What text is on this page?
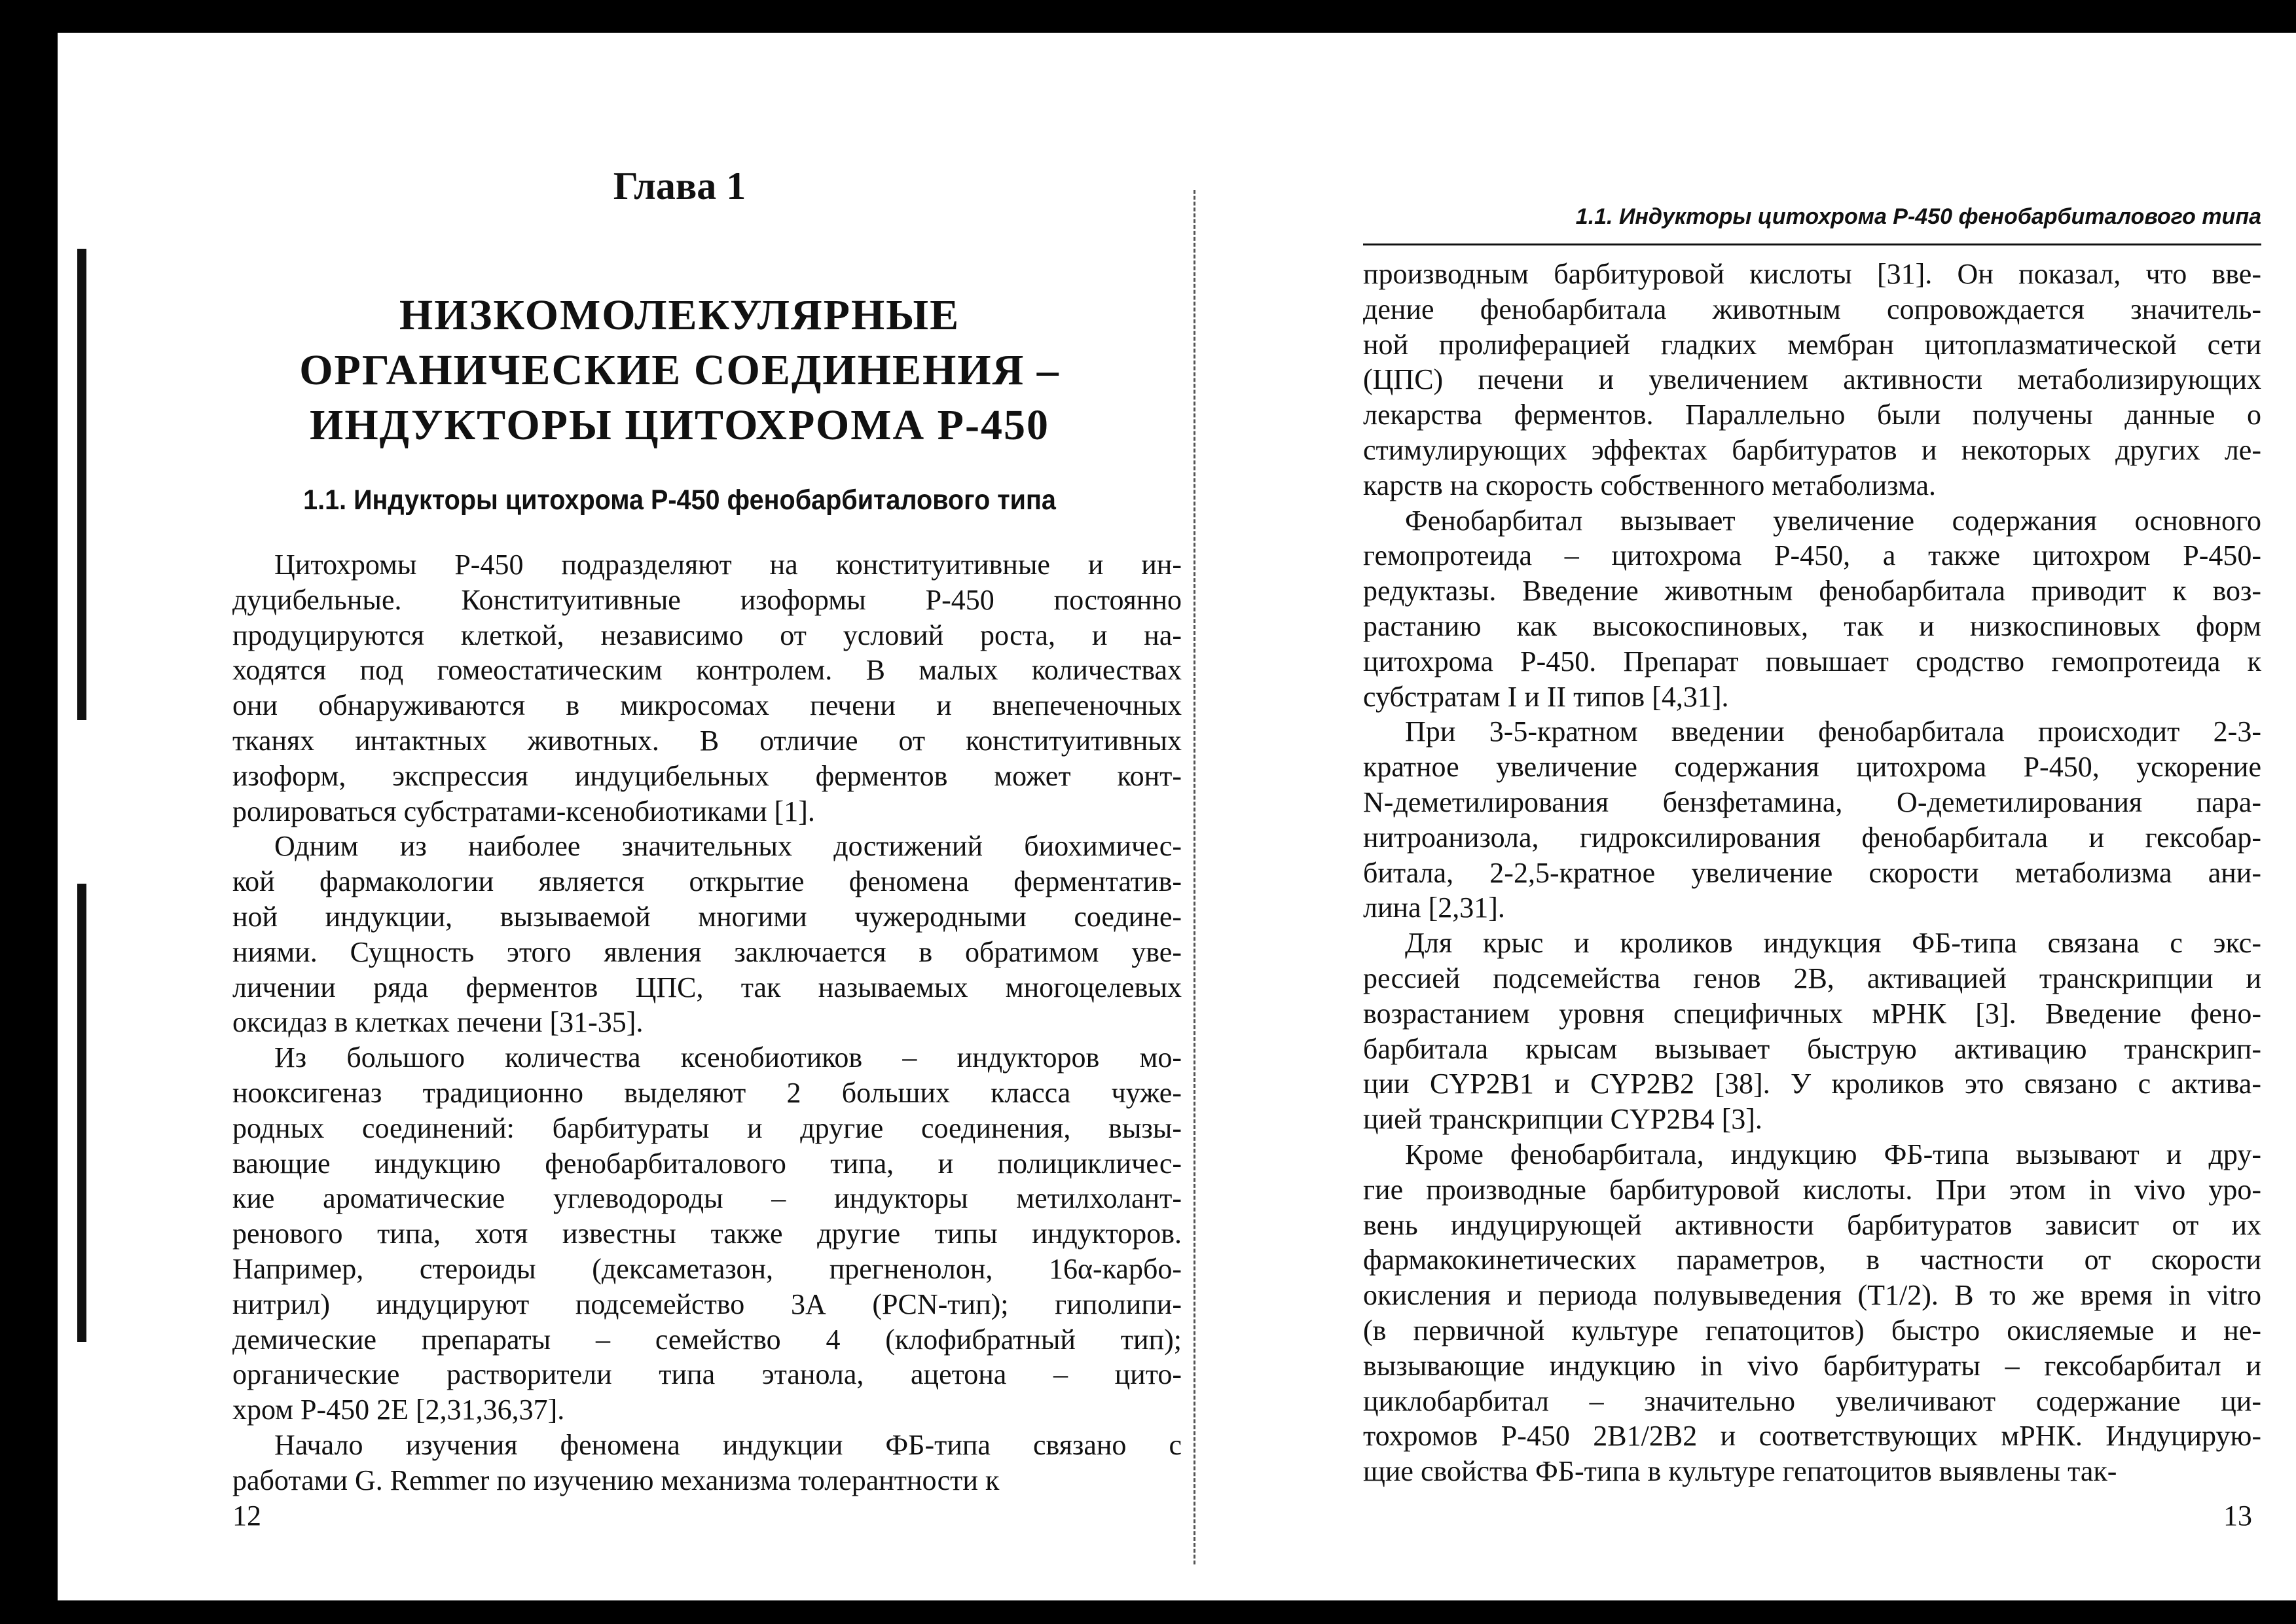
Глава 1
НИЗКОМОЛЕКУЛЯРНЫЕ
ОРГАНИЧЕСКИЕ СОЕДИНЕНИЯ –
ИНДУКТОРЫ ЦИТОХРОМА Р-450
1.1. Индукторы цитохрома Р-450 фенобарбиталового типа
Цитохромы Р-450 подразделяют на конституитивные и ин-
дуцибельные. Конституитивные изоформы Р-450 постоянно
продуцируются клеткой, независимо от условий роста, и на-
ходятся под гомеостатическим контролем. В малых количествах
они обнаруживаются в микросомах печени и внепеченочных
тканях интактных животных. В отличие от конституитивных
изоформ, экспрессия индуцибельных ферментов может конт-
ролироваться субстратами-ксенобиотиками [1].
Одним из наиболее значительных достижений биохимичес-
кой фармакологии является открытие феномена ферментатив-
ной индукции, вызываемой многими чужеродными соедине-
ниями. Сущность этого явления заключается в обратимом уве-
личении ряда ферментов ЦПС, так называемых многоцелевых
оксидаз в клетках печени [31-35].
Из большого количества ксенобиотиков – индукторов мо-
нооксигеназ традиционно выделяют 2 больших класса чуже-
родных соединений: барбитураты и другие соединения, вызы-
вающие индукцию фенобарбиталового типа, и полицикличес-
кие ароматические углеводороды – индукторы метилхолант-
ренового типа, хотя известны также другие типы индукторов.
Например, стероиды (дексаметазон, прегненолон, 16α-карбо-
нитрил) индуцируют подсемейство 3А (PCN-тип); гиполипи-
демические препараты – семейство 4 (клофибратный тип);
органические растворители типа этанола, ацетона – цито-
хром Р-450 2Е [2,31,36,37].
Начало изучения феномена индукции ФБ-типа связано с
работами G. Remmer по изучению механизма толерантности к
12
1.1. Индукторы цитохрома Р-450 фенобарбиталового типа
производным барбитуровой кислоты [31]. Он показал, что вве-
дение фенобарбитала животным сопровождается значитель-
ной пролиферацией гладких мембран цитоплазматической сети
(ЦПС) печени и увеличением активности метаболизирующих
лекарства ферментов. Параллельно были получены данные о
стимулирующих эффектах барбитуратов и некоторых других ле-
карств на скорость собственного метаболизма.
Фенобарбитал вызывает увеличение содержания основного
гемопротеида – цитохрома Р-450, а также цитохром Р-450-
редуктазы. Введение животным фенобарбитала приводит к воз-
растанию как высокоспиновых, так и низкоспиновых форм
цитохрома Р-450. Препарат повышает сродство гемопротеида к
субстратам I и II типов [4,31].
При 3-5-кратном введении фенобарбитала происходит 2-3-
кратное увеличение содержания цитохрома Р-450, ускорение
N-деметилирования бензфетамина, О-деметилирования пара-
нитроанизола, гидроксилирования фенобарбитала и гексобар-
битала, 2-2,5-кратное увеличение скорости метаболизма ани-
лина [2,31].
Для крыс и кроликов индукция ФБ-типа связана с экс-
рессией подсемейства генов 2В, активацией транскрипции и
возрастанием уровня специфичных мРНК [3]. Введение фено-
барбитала крысам вызывает быструю активацию транскрип-
ции CYP2B1 и CYP2B2 [38]. У кроликов это связано с актива-
цией транскрипции CYP2B4 [3].
Кроме фенобарбитала, индукцию ФБ-типа вызывают и дру-
гие производные барбитуровой кислоты. При этом in vivo уро-
вень индуцирующей активности барбитуратов зависит от их
фармакокинетических параметров, в частности от скорости
окисления и периода полувыведения (T1/2). В то же время in vitro
(в первичной культуре гепатоцитов) быстро окисляемые и не-
вызывающие индукцию in vivo барбитураты – гексобарбитал и
циклобарбитал – значительно увеличивают содержание ци-
тохромов Р-450 2В1/2В2 и соответствующих мРНК. Индуцирую-
щие свойства ФБ-типа в культуре гепатоцитов выявлены так-
13
